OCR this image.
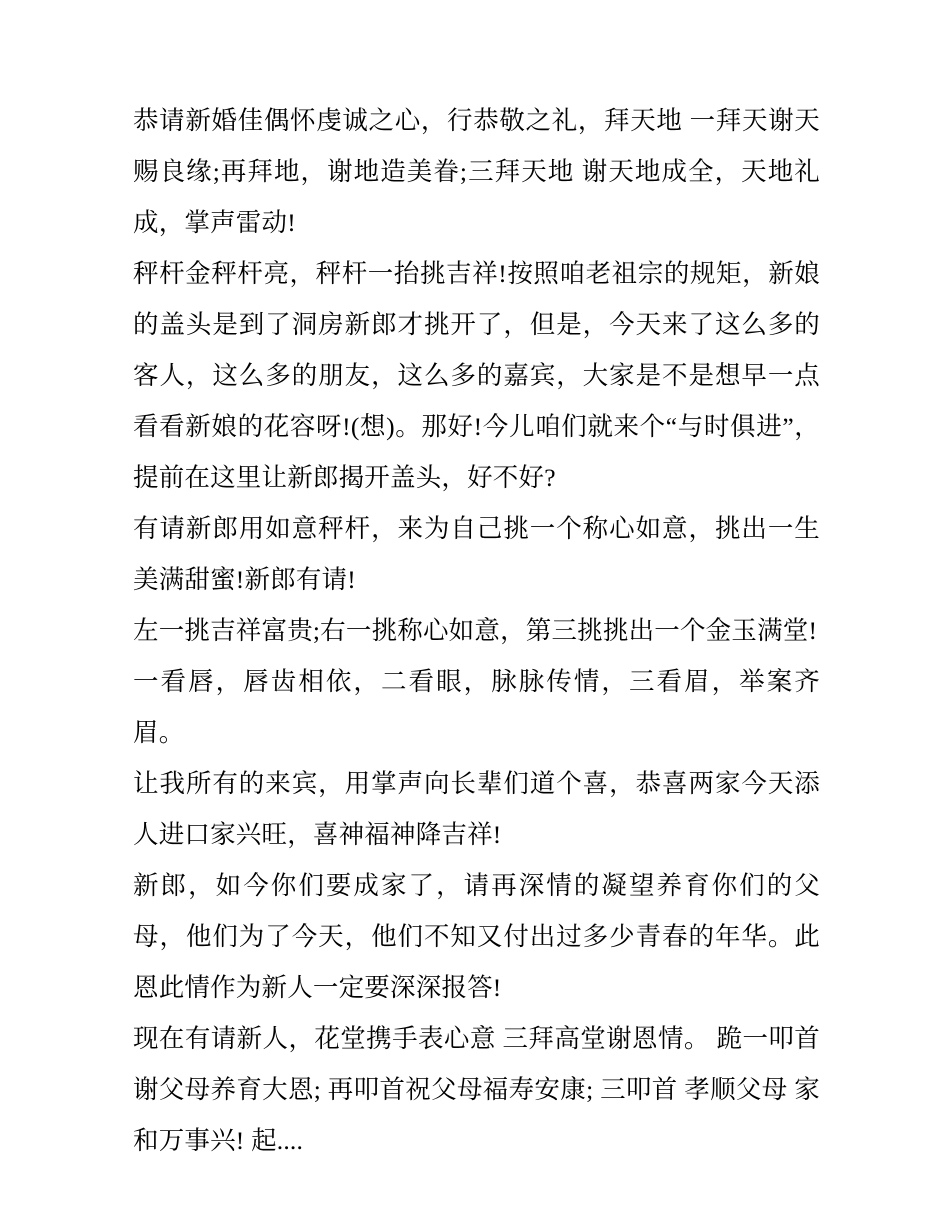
恭请新婚佳偶怀虔诚之心，行恭敬之礼，拜天地 一拜天谢天赐良缘;再拜地，谢地造美眷;三拜天地 谢天地成全，天地礼成，掌声雷动!

秤杆金秤杆亮，秤杆一抬挑吉祥!按照咱老祖宗的规矩，新娘的盖头是到了洞房新郎才挑开了，但是，今天来了这么多的客人，这么多的朋友，这么多的嘉宾，大家是不是想早一点看看新娘的花容呀!(想)。那好!今儿咱们就来个“与时俱进”，提前在这里让新郎揭开盖头，好不好?

有请新郎用如意秤杆，来为自己挑一个称心如意，挑出一生美满甜蜜!新郎有请!

左一挑吉祥富贵;右一挑称心如意，第三挑挑出一个金玉满堂!

一看唇，唇齿相依，二看眼，脉脉传情，三看眉，举案齐眉。

让我所有的来宾，用掌声向长辈们道个喜，恭喜两家今天添人进口家兴旺，喜神福神降吉祥!

新郎，如今你们要成家了，请再深情的凝望养育你们的父母，他们为了今天，他们不知又付出过多少青春的年华。此恩此情作为新人一定要深深报答!

现在有请新人，花堂携手表心意 三拜高堂谢恩情。 跪一叩首 谢父母养育大恩; 再叩首祝父母福寿安康; 三叩首 孝顺父母 家和万事兴! 起....
